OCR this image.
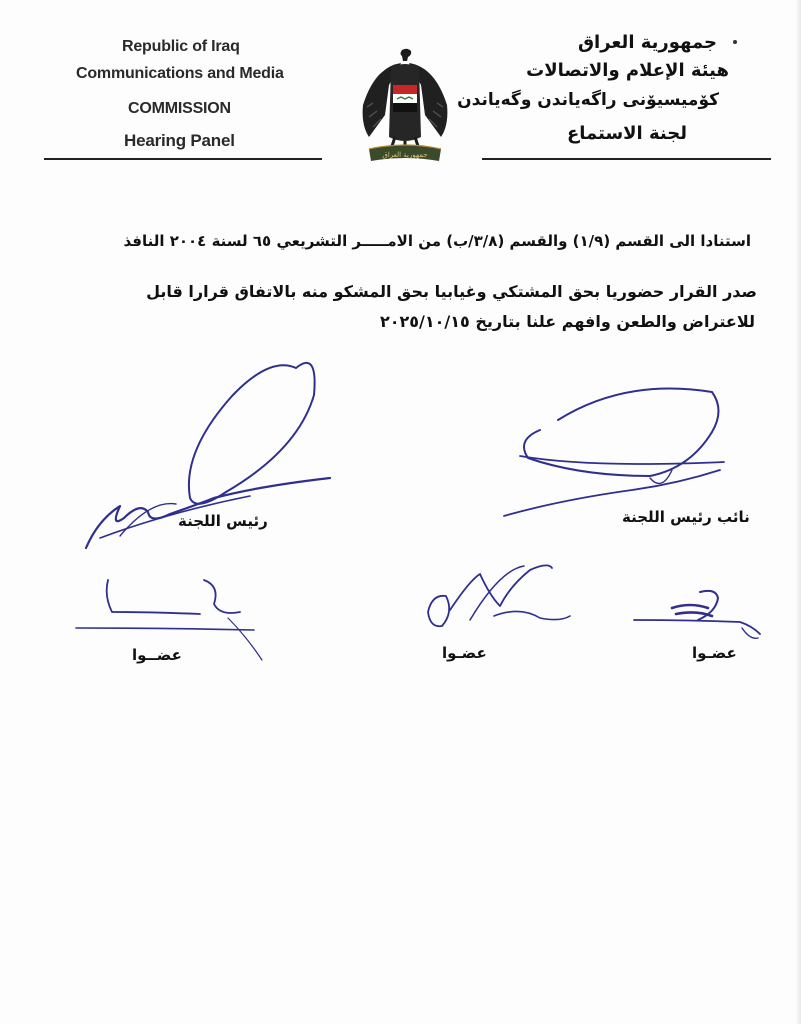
Republic of Iraq
Communications and Media
COMMISSION
Hearing Panel
جمهورية العراق
هيئة الإعلام والاتصالات
كۆمیسیۆنی راگەیاندن وگەیاندن
لجنة الاستماع
جمهورية العراق
استنادا الى القسم (١/٩) والقسم (٣/٨/ب) من الامـــــر التشريعي ٦٥ لسنة ٢٠٠٤ النافذ
صدر القرار حضوريا بحق المشتكي وغيابيا بحق المشكو منه بالاتفاق قرارا قابل
للاعتراض والطعن وافهم علنا بتاريخ ٢٠٢٥/١٠/١٥
رئيس اللجنة	نائب رئيس اللجنة
عضــوا	عضـوا	عضـوا
